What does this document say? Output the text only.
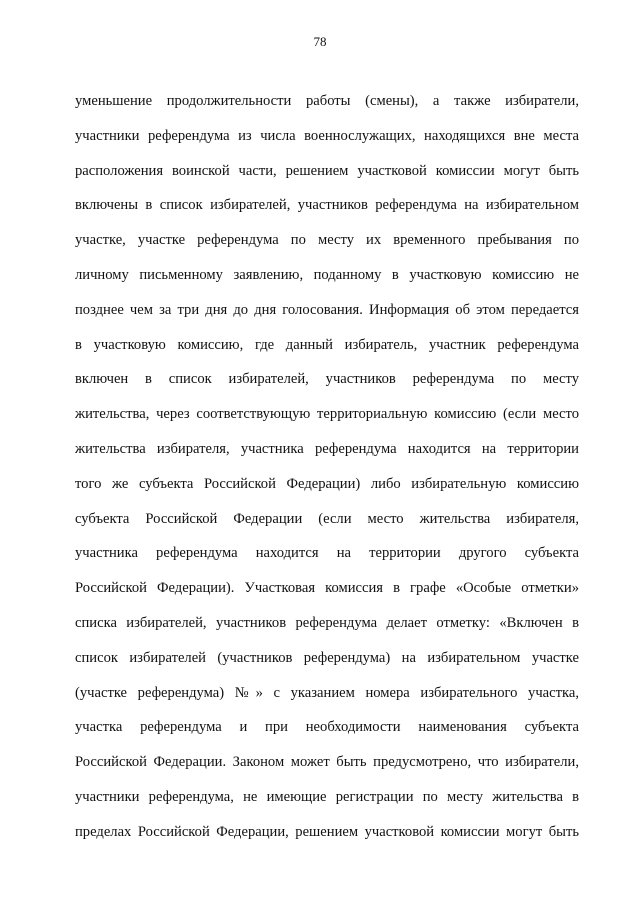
78
уменьшение продолжительности работы (смены), а также избиратели,
участники референдума из числа военнослужащих, находящихся вне места
расположения воинской части, решением участковой комиссии могут быть
включены в список избирателей, участников референдума на избирательном
участке, участке референдума по месту их временного пребывания по
личному письменному заявлению, поданному в участковую комиссию не
позднее чем за три дня до дня голосования. Информация об этом передается
в участковую комиссию, где данный избиратель, участник референдума
включен в список избирателей, участников референдума по месту
жительства, через соответствующую территориальную комиссию (если место
жительства избирателя, участника референдума находится на территории
того же субъекта Российской Федерации) либо избирательную комиссию
субъекта Российской Федерации (если место жительства избирателя,
участника референдума находится на территории другого субъекта
Российской Федерации). Участковая комиссия в графе «Особые отметки»
списка избирателей, участников референдума делает отметку: «Включен в
список избирателей (участников референдума) на избирательном участке
(участке референдума) №» с указанием номера избирательного участка,
участка референдума и при необходимости наименования субъекта
Российской Федерации. Законом может быть предусмотрено, что избиратели,
участники референдума, не имеющие регистрации по месту жительства в
пределах Российской Федерации, решением участковой комиссии могут быть
